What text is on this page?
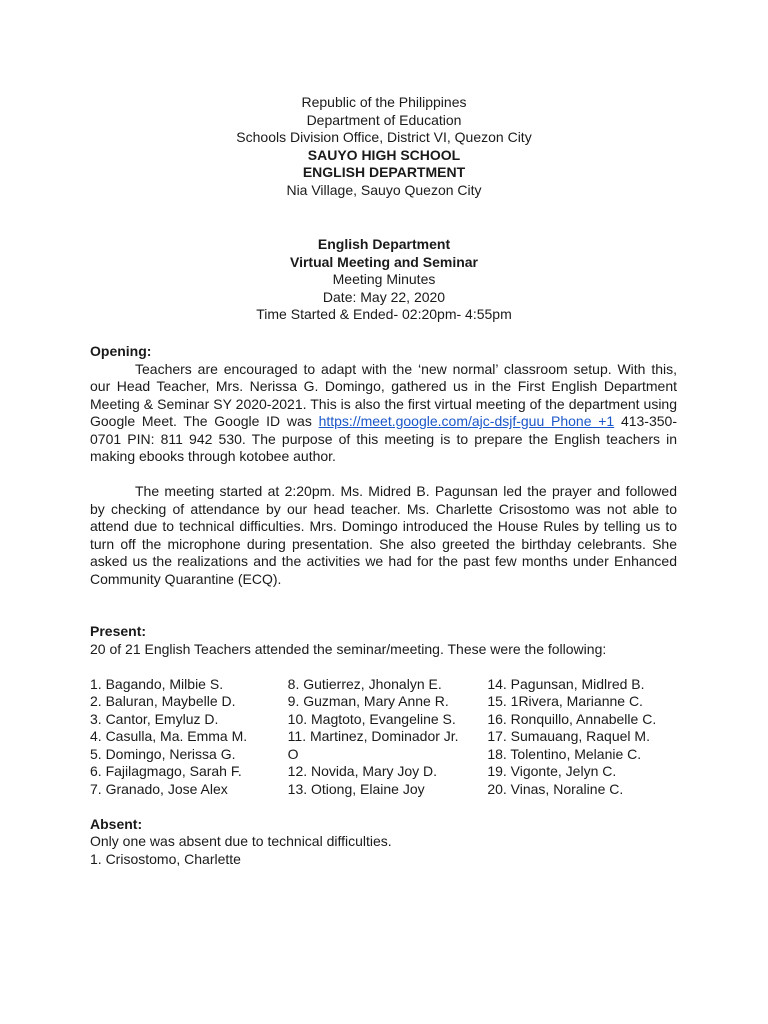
Republic of the Philippines
Department of Education
Schools Division Office, District VI, Quezon City
SAUYO HIGH SCHOOL
ENGLISH DEPARTMENT
Nia Village, Sauyo Quezon City
English Department
Virtual Meeting and Seminar
Meeting Minutes
Date: May 22, 2020
Time Started & Ended- 02:20pm- 4:55pm
Opening:

Teachers are encouraged to adapt with the ‘new normal’ classroom setup. With this, our Head Teacher, Mrs. Nerissa G. Domingo, gathered us in the First English Department Meeting & Seminar SY 2020-2021. This is also the first virtual meeting of the department using Google Meet. The Google ID was https://meet.google.com/ajc-dsjf-guu Phone +1 413-350-0701 PIN: 811 942 530. The purpose of this meeting is to prepare the English teachers in making ebooks through kotobee author.

The meeting started at 2:20pm. Ms. Midred B. Pagunsan led the prayer and followed by checking of attendance by our head teacher. Ms. Charlette Crisostomo was not able to attend due to technical difficulties. Mrs. Domingo introduced the House Rules by telling us to turn off the microphone during presentation. She also greeted the birthday celebrants. She asked us the realizations and the activities we had for the past few months under Enhanced Community Quarantine (ECQ).

Present:
20 of 21 English Teachers attended the seminar/meeting. These were the following:
1. Bagando, Milbie S.
2. Baluran, Maybelle D.
3. Cantor, Emyluz D.
4. Casulla, Ma. Emma M.
5. Domingo, Nerissa G.
6. Fajilagmago, Sarah F.
7. Granado, Jose Alex
8. Gutierrez, Jhonalyn E.
9. Guzman, Mary Anne R.
10. Magtoto, Evangeline S.
11. Martinez, Dominador Jr.
O
12. Novida, Mary Joy D.
13. Otiong, Elaine Joy
14. Pagunsan, Midlred B.
15. 1Rivera, Marianne C.
16. Ronquillo, Annabelle C.
17. Sumauang, Raquel M.
18. Tolentino, Melanie C.
19. Vigonte, Jelyn C.
20. Vinas, Noraline C.
Absent:
Only one was absent due to technical difficulties.
1. Crisostomo, Charlette
